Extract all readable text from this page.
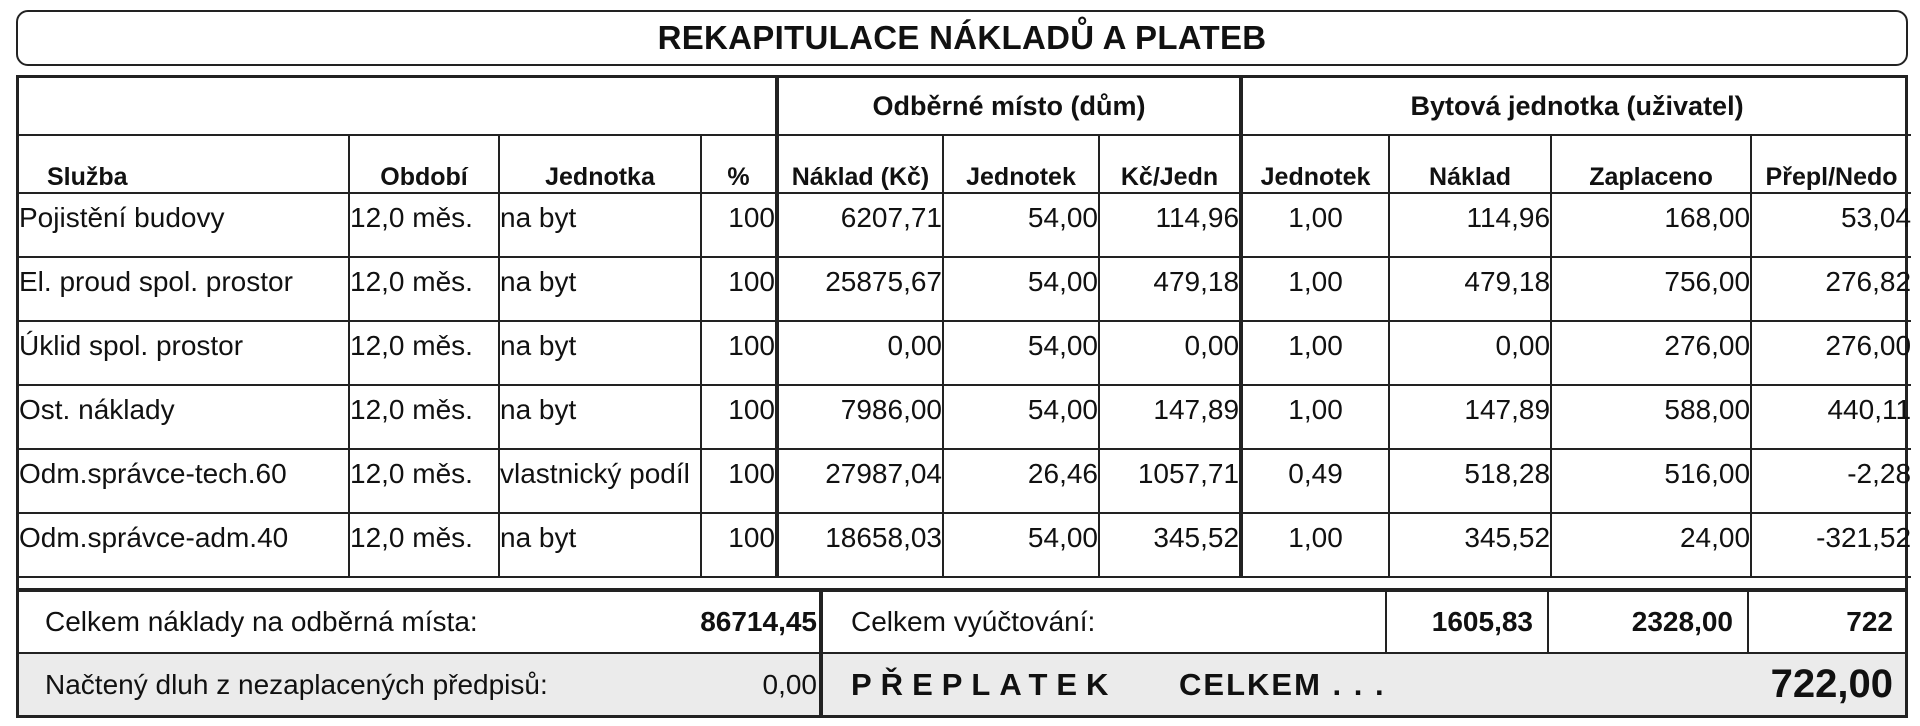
REKAPITULACE NÁKLADŮ A PLATEB
				Odběrné místo (dům)			Bytová jednotka (uživatel)			
Služba	Období	Jednotka	%	Náklad (Kč)	Jednotek	Kč/Jedn	Jednotek	Náklad	Zaplaceno	Přepl/Nedo
Pojistění budovy	12,0 měs.	na byt	100	6207,71	54,00	114,96	1,00	114,96	168,00	53,04
El. proud spol. prostor	12,0 měs.	na byt	100	25875,67	54,00	479,18	1,00	479,18	756,00	276,82
Úklid spol. prostor	12,0 měs.	na byt	100	0,00	54,00	0,00	1,00	0,00	276,00	276,00
Ost. náklady	12,0 měs.	na byt	100	7986,00	54,00	147,89	1,00	147,89	588,00	440,11
Odm.správce-tech.60	12,0 měs.	vlastnický podíl	100	27987,04	26,46	1057,71	0,49	518,28	516,00	-2,28
Odm.správce-adm.40	12,0 měs.	na byt	100	18658,03	54,00	345,52	1,00	345,52	24,00	-321,52
Celkem náklady na odběrná místa:	86714,45 Celkem vyúčtování:	1605,83	2328,00	722
Načtený dluh z nezaplacených předpisů:	0,00 PŘEPLATEK CELKEM . . .	722,00
